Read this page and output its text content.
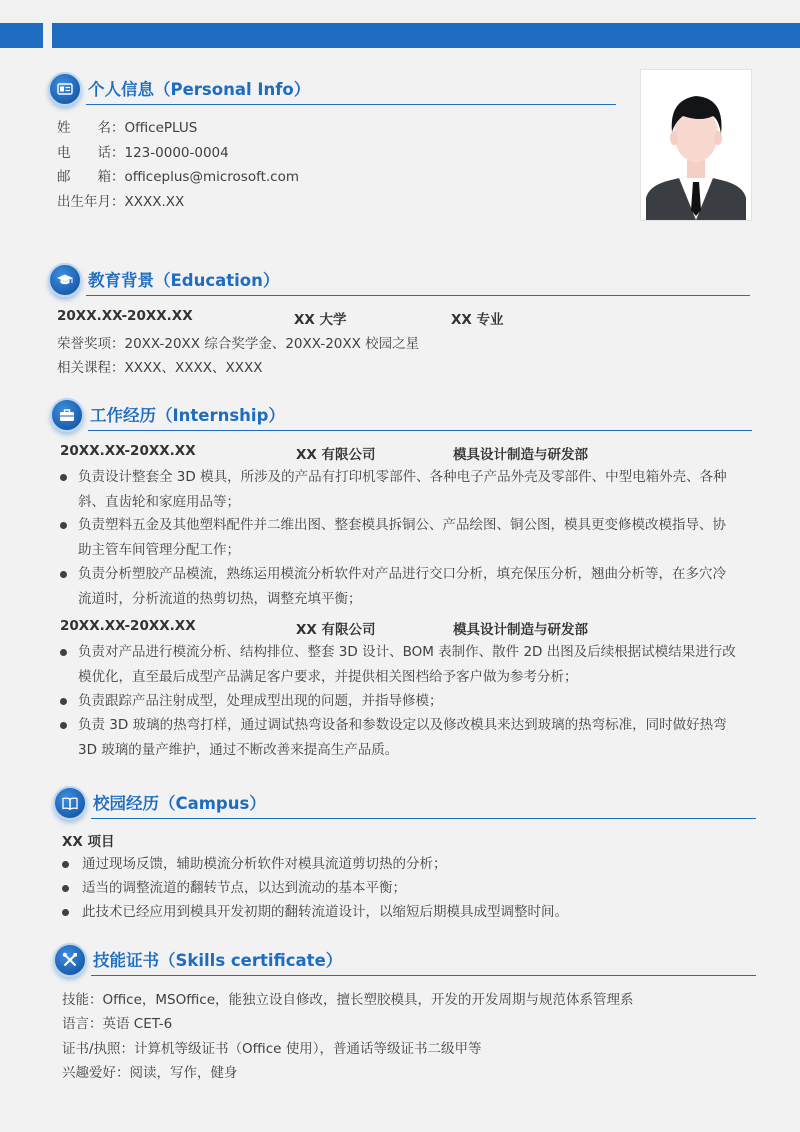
个人信息（Personal Info）
姓　　名：OfficePLUS
电　　话：123-0000-0004
邮　　箱：officeplus@microsoft.com
出生年月：XXXX.XX
教育背景（Education）
20XX.XX-20XX.XX	XX 大学	XX 专业
荣誉奖项：20XX-20XX 综合奖学金、20XX-20XX 校园之星
相关课程：XXXX、XXXX、XXXX
工作经历（Internship）
20XX.XX-20XX.XX	XX 有限公司	模具设计制造与研发部
负责设计整套全 3D 模具，所涉及的产品有打印机零部件、各种电子产品外壳及零部件、中型电箱外壳、各种
斜、直齿轮和家庭用品等；
负责塑料五金及其他塑料配件并二维出图、整套模具拆铜公、产品绘图、铜公图，模具更变修模改模指导、协
助主管车间管理分配工作；
负责分析塑胶产品模流，熟练运用模流分析软件对产品进行交口分析，填充保压分析，翘曲分析等，在多穴冷
流道时，分析流道的热剪切热，调整充填平衡；
20XX.XX-20XX.XX	XX 有限公司	模具设计制造与研发部
负责对产品进行模流分析、结构排位、整套 3D 设计、BOM 表制作、散件 2D 出图及后续根据试模结果进行改
模优化，直至最后成型产品满足客户要求，并提供相关图档给予客户做为参考分析；
负责跟踪产品注射成型，处理成型出现的问题，并指导修模；
负责 3D 玻璃的热弯打样，通过调试热弯设备和参数设定以及修改模具来达到玻璃的热弯标准，同时做好热弯
3D 玻璃的量产维护，通过不断改善来提高生产品质。
校园经历（Campus）
XX 项目
通过现场反馈，辅助模流分析软件对模具流道剪切热的分析；
适当的调整流道的翻转节点，以达到流动的基本平衡；
此技术已经应用到模具开发初期的翻转流道设计，以缩短后期模具成型调整时间。
技能证书（Skills certificate）
技能：Office，MSOffice，能独立设自修改，擅长塑胶模具，开发的开发周期与规范体系管理系
语言：英语 CET-6
证书/执照：计算机等级证书（Office 使用），普通话等级证书二级甲等
兴趣爱好：阅读，写作，健身
